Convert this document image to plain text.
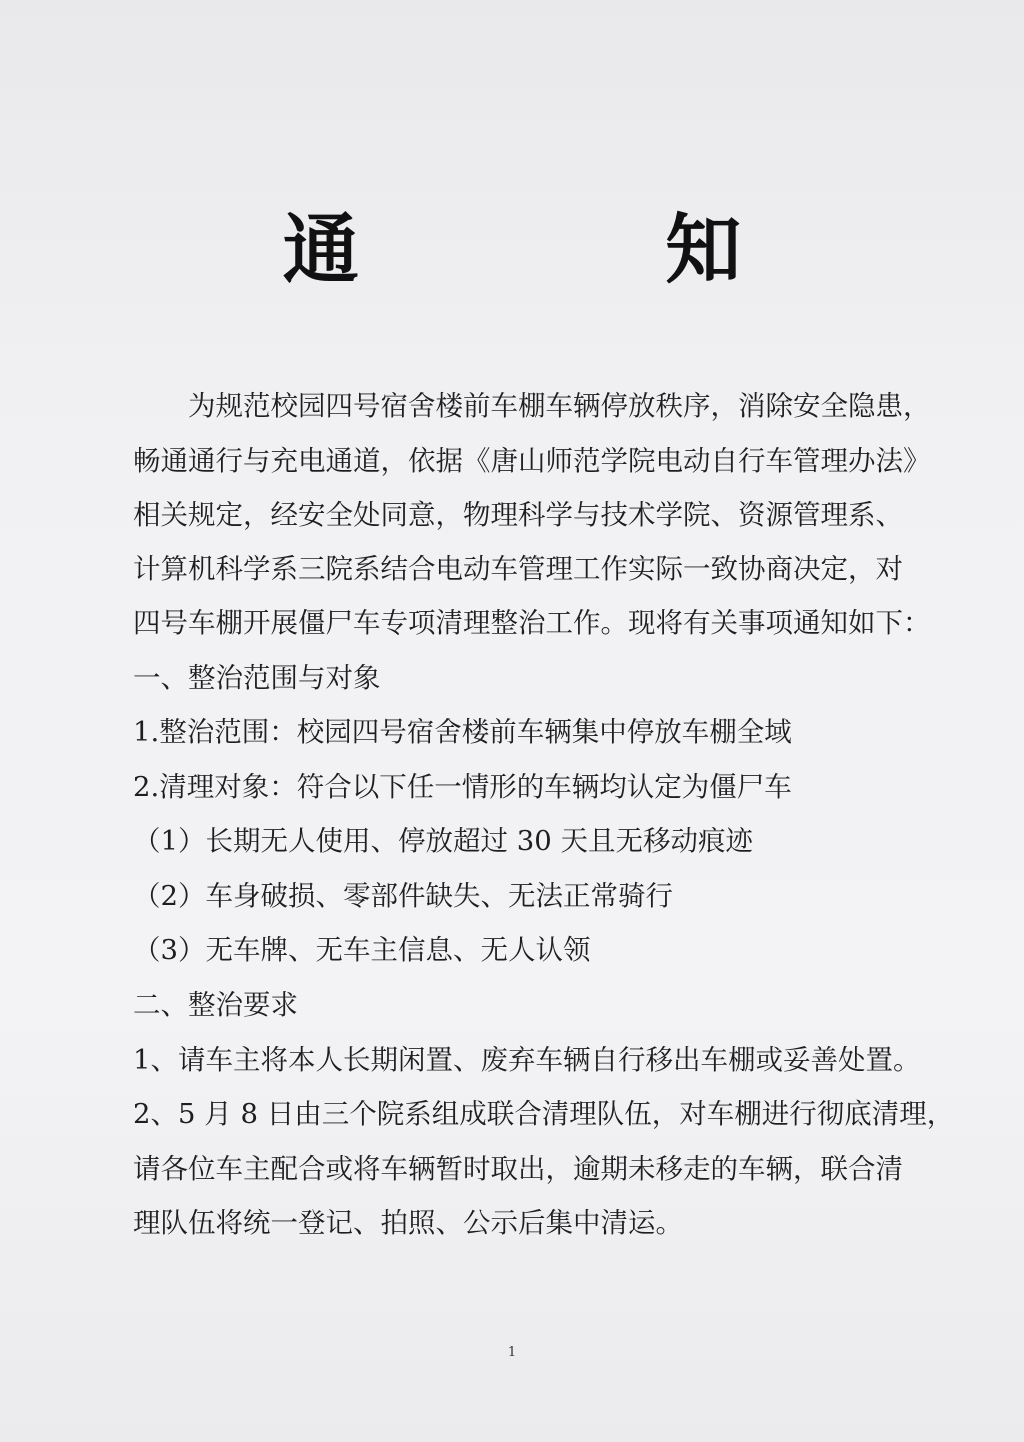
通 知
为规范校园四号宿舍楼前车棚车辆停放秩序，消除安全隐患，
畅通通行与充电通道，依据《唐山师范学院电动自行车管理办法》
相关规定，经安全处同意，物理科学与技术学院、资源管理系、
计算机科学系三院系结合电动车管理工作实际一致协商决定，对
四号车棚开展僵尸车专项清理整治工作。现将有关事项通知如下：
一、整治范围与对象
1.整治范围：校园四号宿舍楼前车辆集中停放车棚全域
2.清理对象：符合以下任一情形的车辆均认定为僵尸车
（1）长期无人使用、停放超过 30 天且无移动痕迹
（2）车身破损、零部件缺失、无法正常骑行
（3）无车牌、无车主信息、无人认领
二、整治要求
1、请车主将本人长期闲置、废弃车辆自行移出车棚或妥善处置。
2、5 月 8 日由三个院系组成联合清理队伍，对车棚进行彻底清理，
请各位车主配合或将车辆暂时取出，逾期未移走的车辆，联合清
理队伍将统一登记、拍照、公示后集中清运。
1
